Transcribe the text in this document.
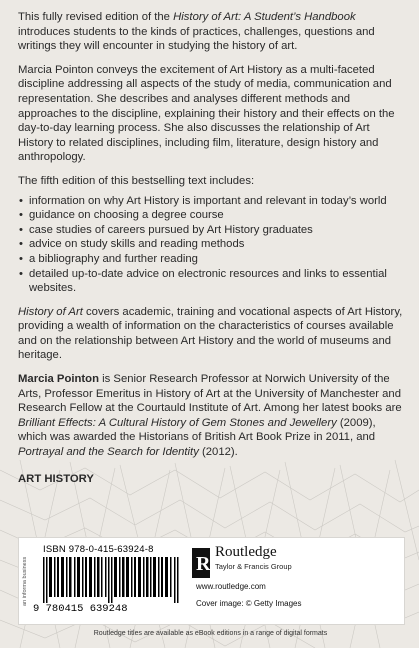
This fully revised edition of the History of Art: A Student’s Handbook introduces students to the kinds of practices, challenges, questions and writings they will encounter in studying the history of art.

Marcia Pointon conveys the excitement of Art History as a multi-faceted discipline addressing all aspects of the study of media, communication and representation. She describes and analyses different methods and approaches to the discipline, explaining their history and their effects on the day-to-day learning process. She also discusses the relationship of Art History to related disciplines, including film, literature, design history and anthropology.

The fifth edition of this bestselling text includes:

• information on why Art History is important and relevant in today’s world
• guidance on choosing a degree course
• case studies of careers pursued by Art History graduates
• advice on study skills and reading methods
• a bibliography and further reading
• detailed up-to-date advice on electronic resources and links to essential websites.

History of Art covers academic, training and vocational aspects of Art History, providing a wealth of information on the characteristics of courses available and on the relationship between Art History and the world of museums and heritage.

Marcia Pointon is Senior Research Professor at Norwich University of the Arts, Professor Emeritus in History of Art at the University of Manchester and Research Fellow at the Courtauld Institute of Art. Among her latest books are Brilliant Effects: A Cultural History of Gem Stones and Jewellery (2009), which was awarded the Historians of British Art Book Prize in 2011, and Portrayal and the Search for Identity (2012).

ART HISTORY
an informa business
ISBN 978-0-415-63924-8
9 780415 639248
R
Routledge
Taylor & Francis Group
www.routledge.com
Cover image: © Getty Images
Routledge titles are available as eBook editions in a range of digital formats
